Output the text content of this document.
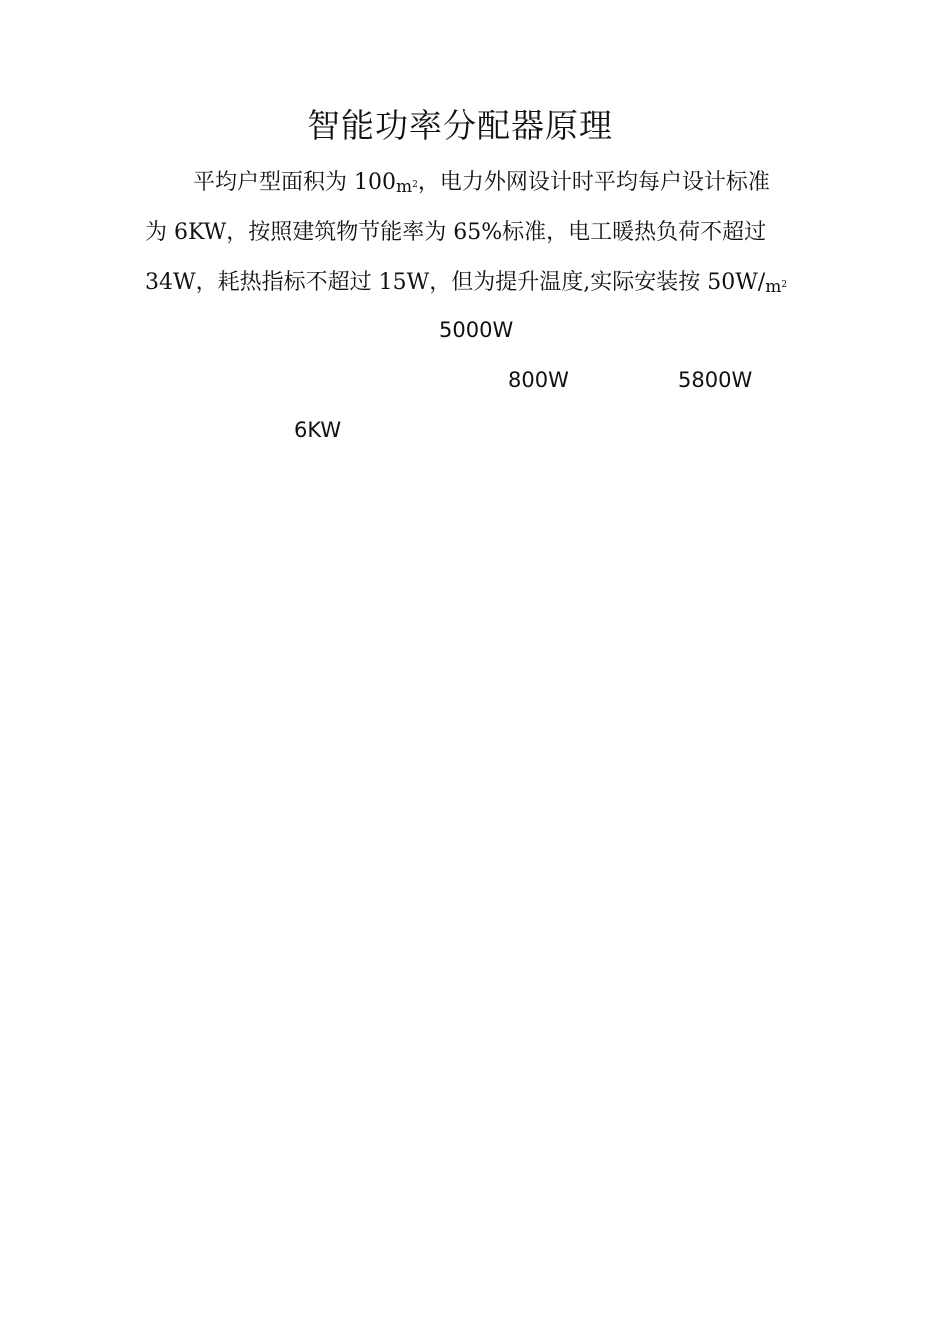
智能功率分配器原理
平均户型面积为 100m2，电力外网设计时平均每户设计标准
为 6KW，按照建筑物节能率为 65%标准，电工暖热负荷不超过
34W，耗热指标不超过 15W，但为提升温度,实际安装按 50W/m2
5000W
800W	5800W
6KW
